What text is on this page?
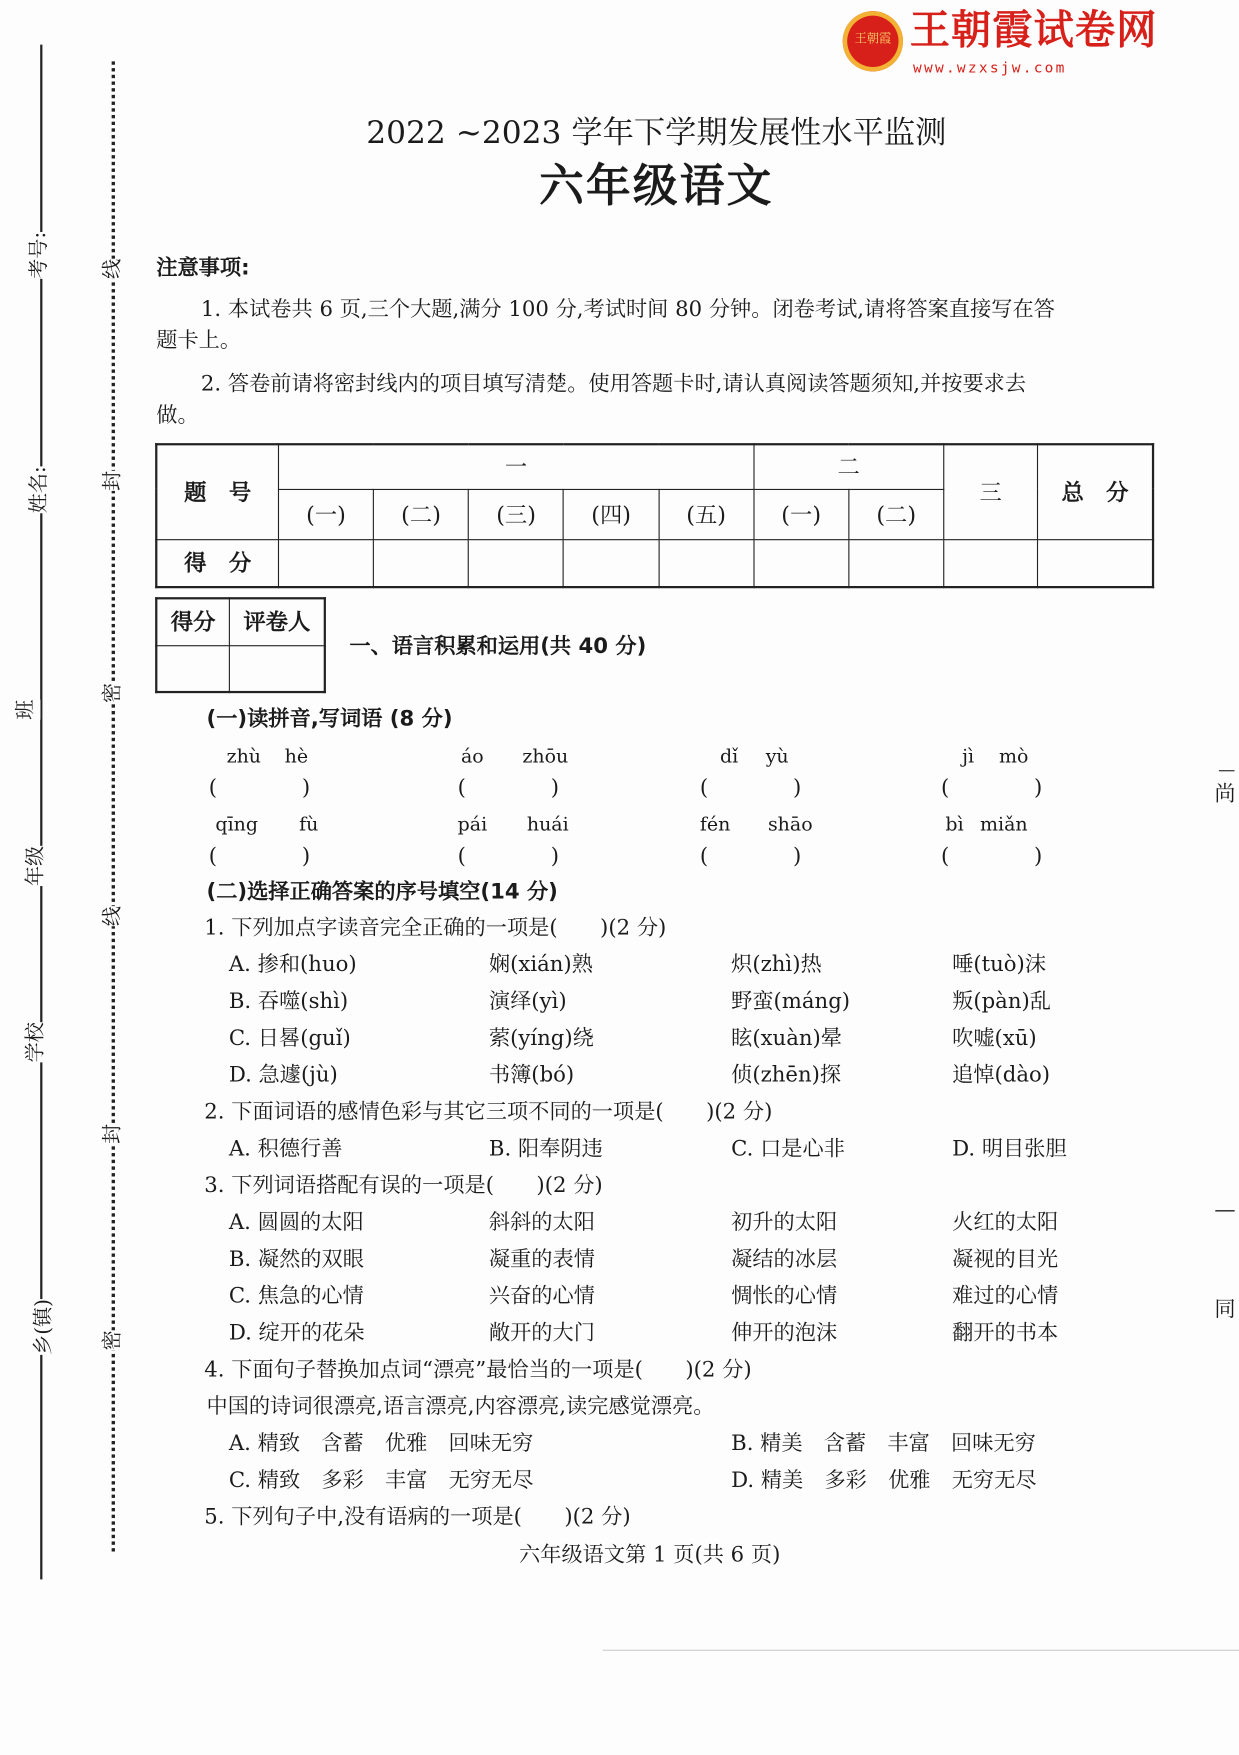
王朝霞 王朝霞试卷网
www.wzxsjw.com
考号:
姓名:
班
年级
学校
乡(镇)
线
封
密
线
封
密
尚
—
同
2022 ~2023 学年下学期发展性水平监测
六年级语文
注意事项:
1. 本试卷共 6 页,三个大题,满分 100 分,考试时间 80 分钟。闭卷考试,请将答案直接写在答
题卡上。
2. 答卷前请将密封线内的项目填写清楚。使用答题卡时,请认真阅读答题须知,并按要求去
做。
题　号	一					二		三	总　分
	(一)	(二)	(三)	(四)	(五)	(一)	(二)		
得　分									
得分	评卷人

一、语言积累和运用(共 40 分)
(一)读拼音,写词语 (8 分)
zhù hè
(　　　　)
áo zhōu
(　　　　)
dǐ yù
(　　　　)
jì mò
(　　　　)
qīng fù
(　　　　)
pái huái
(　　　　)
fén shāo
(　　　　)
bì miǎn
(　　　　)
(二)选择正确答案的序号填空(14 分)
1. 下列加点字读音完全正确的一项是(　　)(2 分)
A. 掺和(huo)	娴(xián)熟	炽(zhì)热	唾(tuò)沫
B. 吞噬(shì)	演绎(yì)	野蛮(máng)	叛(pàn)乱
C. 日晷(guǐ)	萦(yíng)绕	眩(xuàn)晕	吹嘘(xū)
D. 急遽(jù)	书簿(bó)	侦(zhēn)探	追悼(dào)
2. 下面词语的感情色彩与其它三项不同的一项是(　　)(2 分)
A. 积德行善	B. 阳奉阴违	C. 口是心非	D. 明目张胆
3. 下列词语搭配有误的一项是(　　)(2 分)
A. 圆圆的太阳	斜斜的太阳	初升的太阳	火红的太阳
B. 凝然的双眼	凝重的表情	凝结的冰层	凝视的目光
C. 焦急的心情	兴奋的心情	惆怅的心情	难过的心情
D. 绽开的花朵	敞开的大门	伸开的泡沫	翻开的书本
4. 下面句子替换加点词“漂亮”最恰当的一项是(　　)(2 分)
中国的诗词很漂亮,语言漂亮,内容漂亮,读完感觉漂亮。
A. 精致　含蓄　优雅　回味无穷	B. 精美　含蓄　丰富　回味无穷
C. 精致　多彩　丰富　无穷无尽	D. 精美　多彩　优雅　无穷无尽
5. 下列句子中,没有语病的一项是(　　)(2 分)
六年级语文第 1 页(共 6 页)
